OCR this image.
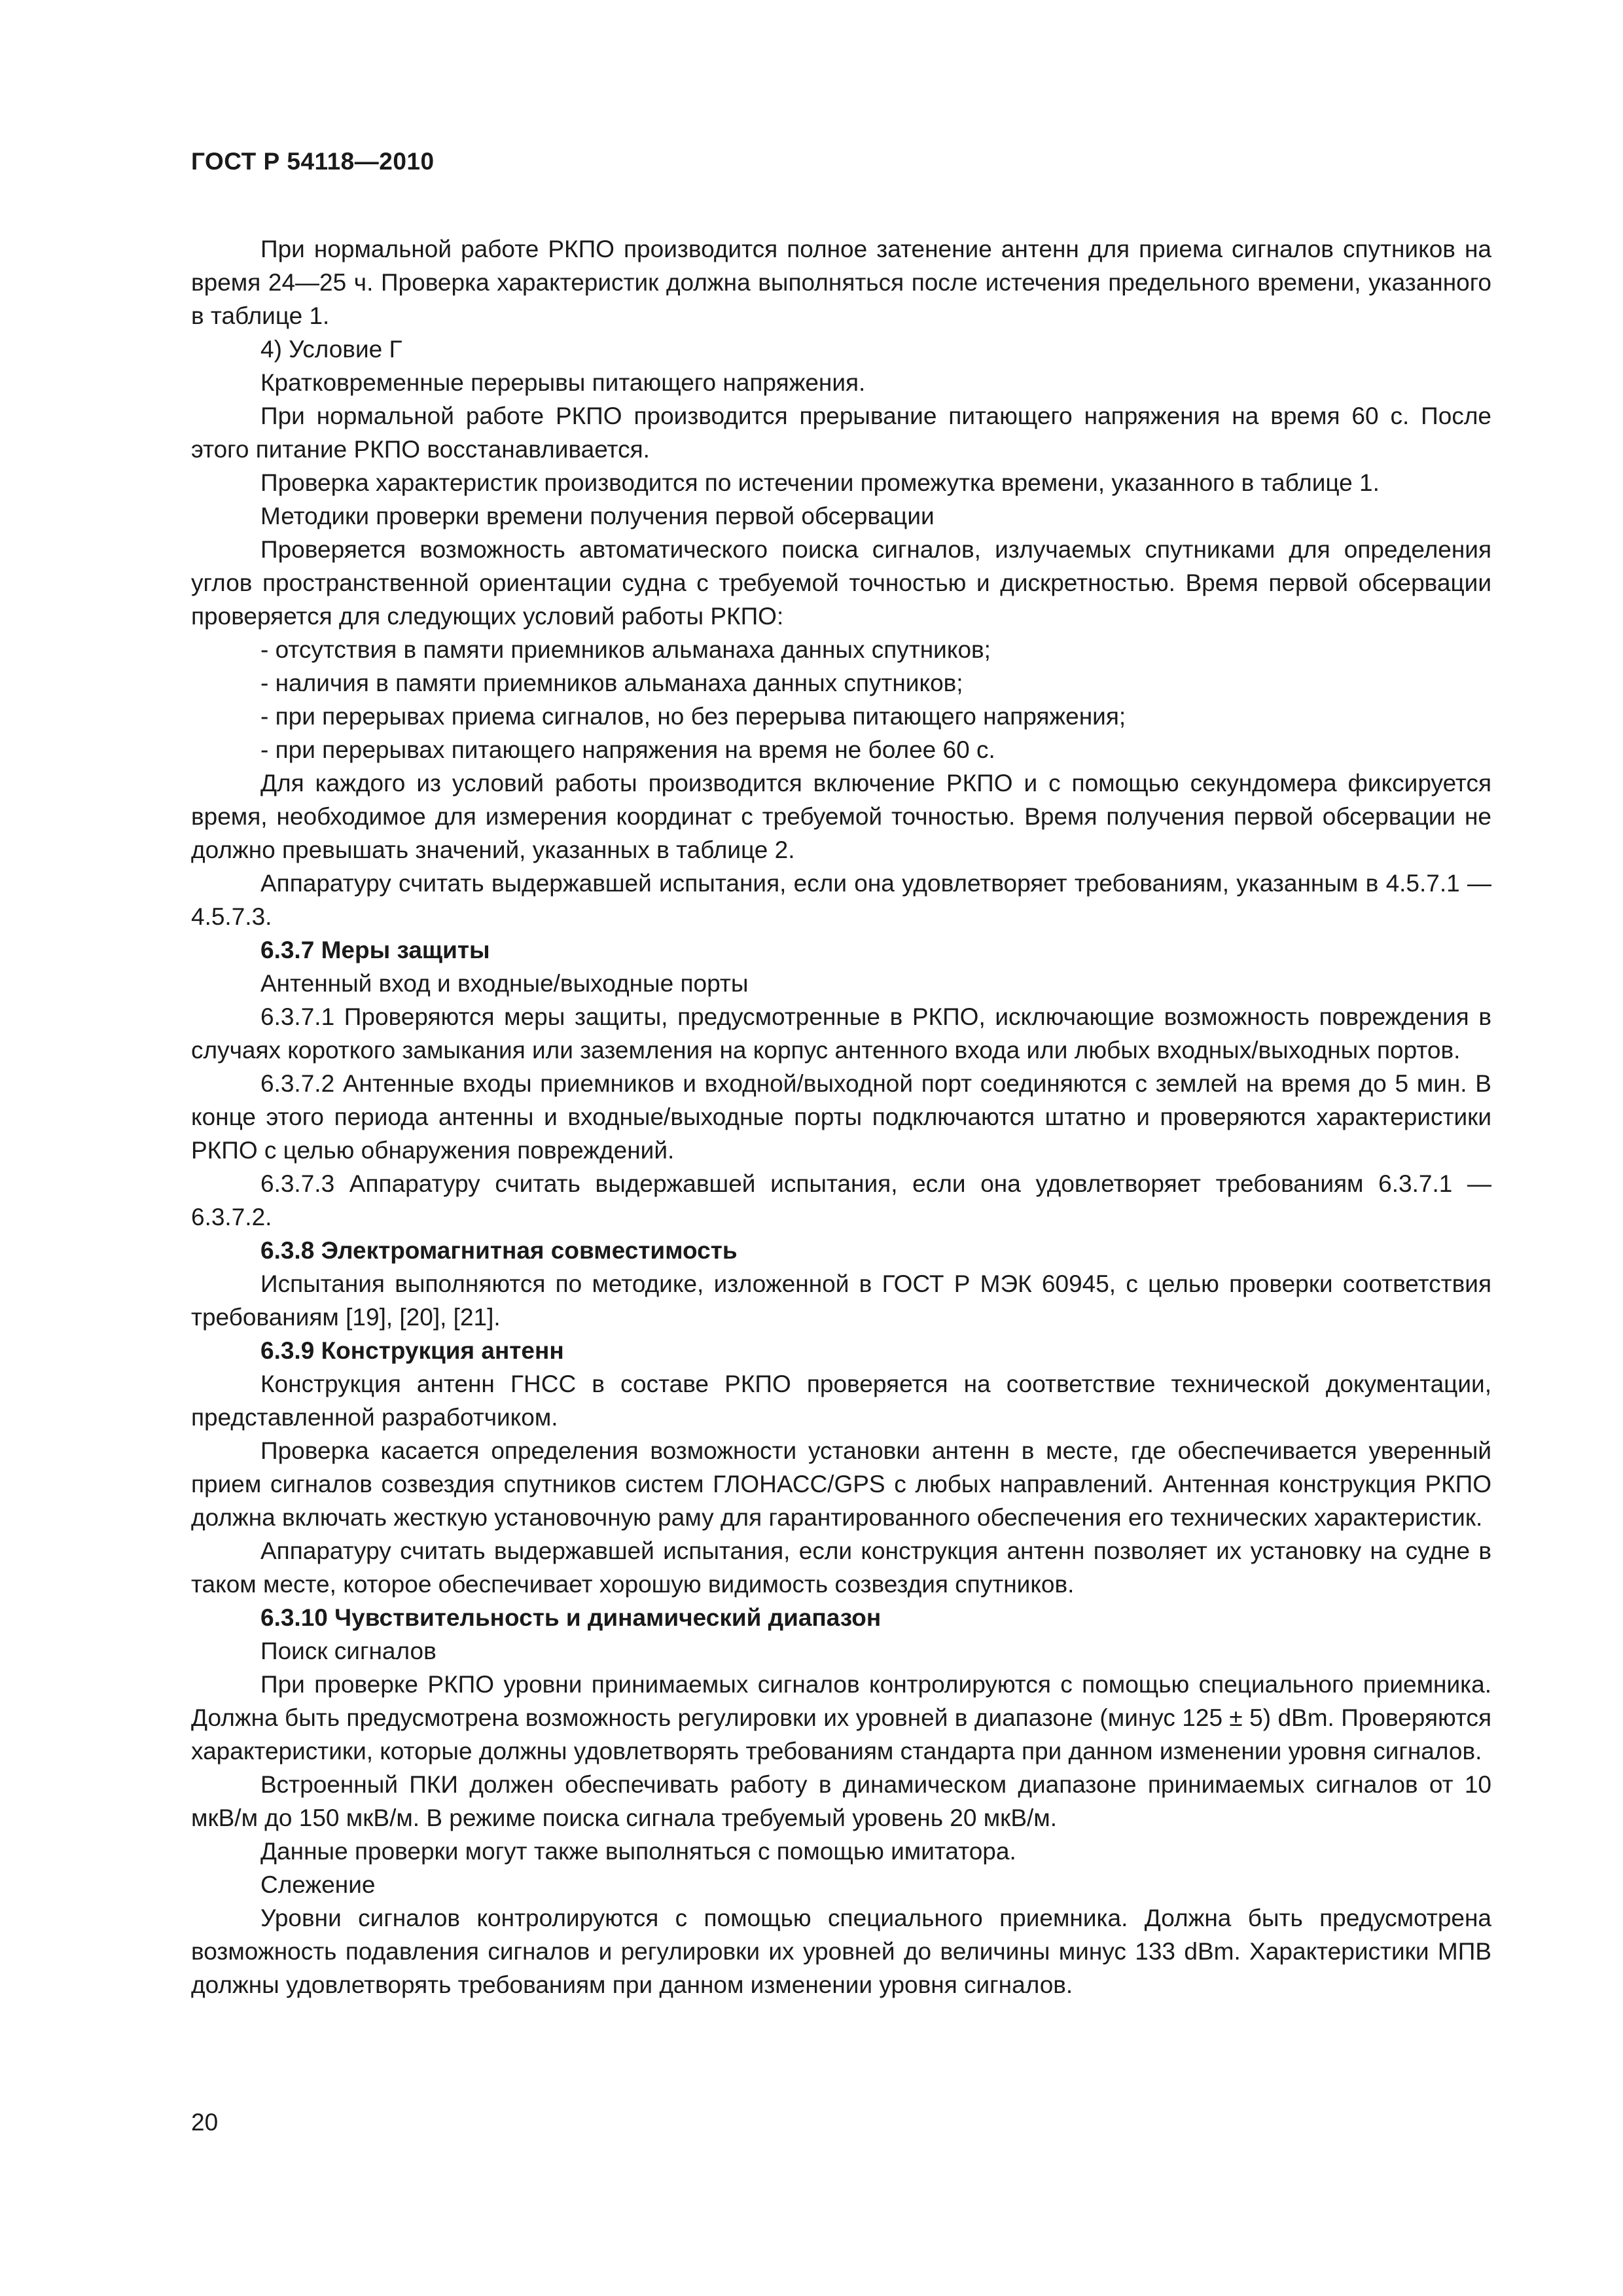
ГОСТ Р 54118—2010

При нормальной работе РКПО производится полное затенение антенн для приема сигналов спутников на время 24—25 ч. Проверка характеристик должна выполняться после истечения предельного времени, указанного в таблице 1.

4) Условие Г

Кратковременные перерывы питающего напряжения.

При нормальной работе РКПО производится прерывание питающего напряжения на время 60 с. После этого питание РКПО восстанавливается.

Проверка характеристик производится по истечении промежутка времени, указанного в таблице 1.

Методики проверки времени получения первой обсервации

Проверяется возможность автоматического поиска сигналов, излучаемых спутниками для определения углов пространственной ориентации судна с требуемой точностью и дискретностью. Время первой обсервации проверяется для следующих условий работы РКПО:

- отсутствия в памяти приемников альманаха данных спутников;

- наличия в памяти приемников альманаха данных спутников;

- при перерывах приема сигналов, но без перерыва питающего напряжения;

- при перерывах питающего напряжения на время не более 60 с.

Для каждого из условий работы производится включение РКПО и с помощью секундомера фиксируется время, необходимое для измерения координат с требуемой точностью. Время получения первой обсервации не должно превышать значений, указанных в таблице 2.

Аппаратуру считать выдержавшей испытания, если она удовлетворяет требованиям, указанным в 4.5.7.1 — 4.5.7.3.

6.3.7 Меры защиты

Антенный вход и входные/выходные порты

6.3.7.1 Проверяются меры защиты, предусмотренные в РКПО, исключающие возможность повреждения в случаях короткого замыкания или заземления на корпус антенного входа или любых входных/выходных портов.

6.3.7.2 Антенные входы приемников и входной/выходной порт соединяются с землей на время до 5 мин. В конце этого периода антенны и входные/выходные порты подключаются штатно и проверяются характеристики РКПО с целью обнаружения повреждений.

6.3.7.3 Аппаратуру считать выдержавшей испытания, если она удовлетворяет требованиям 6.3.7.1 — 6.3.7.2.

6.3.8 Электромагнитная совместимость

Испытания выполняются по методике, изложенной в ГОСТ Р МЭК 60945, с целью проверки соответствия требованиям [19], [20], [21].

6.3.9 Конструкция антенн

Конструкция антенн ГНСС в составе РКПО проверяется на соответствие технической документации, представленной разработчиком.

Проверка касается определения возможности установки антенн в месте, где обеспечивается уверенный прием сигналов созвездия спутников систем ГЛОНАСС/GPS с любых направлений. Антенная конструкция РКПО должна включать жесткую установочную раму для гарантированного обеспечения его технических характеристик.

Аппаратуру считать выдержавшей испытания, если конструкция антенн позволяет их установку на судне в таком месте, которое обеспечивает хорошую видимость созвездия спутников.

6.3.10 Чувствительность и динамический диапазон

Поиск сигналов

При проверке РКПО уровни принимаемых сигналов контролируются с помощью специального приемника. Должна быть предусмотрена возможность регулировки их уровней в диапазоне (минус 125 ± 5) dBm. Проверяются характеристики, которые должны удовлетворять требованиям стандарта при данном изменении уровня сигналов.

Встроенный ПКИ должен обеспечивать работу в динамическом диапазоне принимаемых сигналов от 10 мкВ/м до 150 мкВ/м. В режиме поиска сигнала требуемый уровень 20 мкВ/м.

Данные проверки могут также выполняться с помощью имитатора.

Слежение

Уровни сигналов контролируются с помощью специального приемника. Должна быть предусмотрена возможность подавления сигналов и регулировки их уровней до величины минус 133 dBm. Характеристики МПВ должны удовлетворять требованиям при данном изменении уровня сигналов.

20
